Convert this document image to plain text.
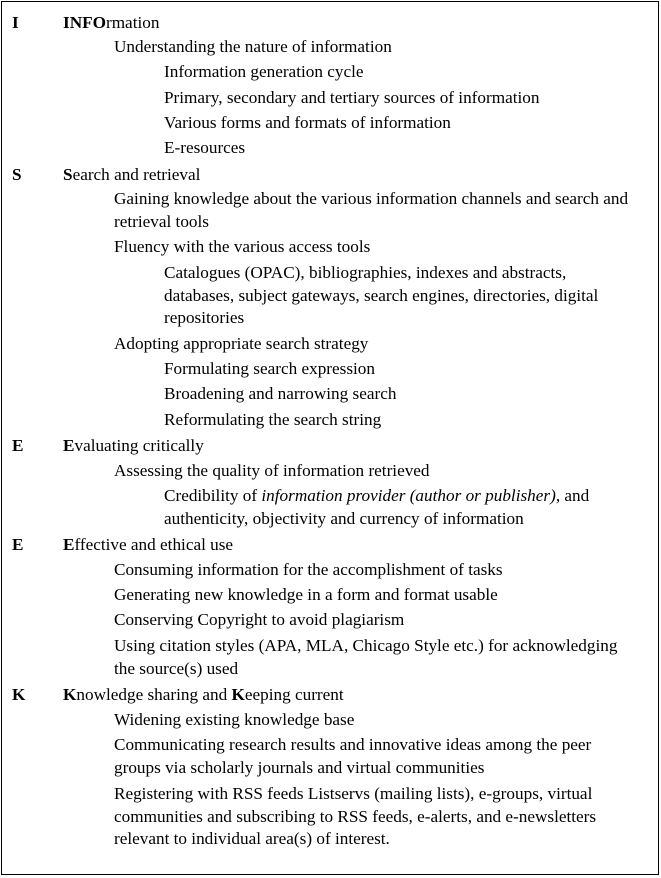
I	INFOrmation
Understanding the nature of information
Information generation cycle
Primary, secondary and tertiary sources of information
Various forms and formats of information
E-resources
S Search and retrieval
Gaining knowledge about the various information channels and search and retrieval tools
Fluency with the various access tools
Catalogues (OPAC), bibliographies, indexes and abstracts, databases, subject gateways, search engines, directories, digital repositories
Adopting appropriate search strategy
Formulating search expression
Broadening and narrowing search
Reformulating the search string
E Evaluating critically
Assessing the quality of information retrieved
Credibility of information provider (author or publisher), and authenticity, objectivity and currency of information
E Effective and ethical use
Consuming information for the accomplishment of tasks
Generating new knowledge in a form and format usable
Conserving Copyright to avoid plagiarism
Using citation styles (APA, MLA, Chicago Style etc.) for acknowledging the source(s) used
K Knowledge sharing and Keeping current
Widening existing knowledge base
Communicating research results and innovative ideas among the peer groups via scholarly journals and virtual communities
Registering with RSS feeds Listservs (mailing lists), e-groups, virtual communities and subscribing to RSS feeds, e-alerts, and e-newsletters relevant to individual area(s) of interest.
